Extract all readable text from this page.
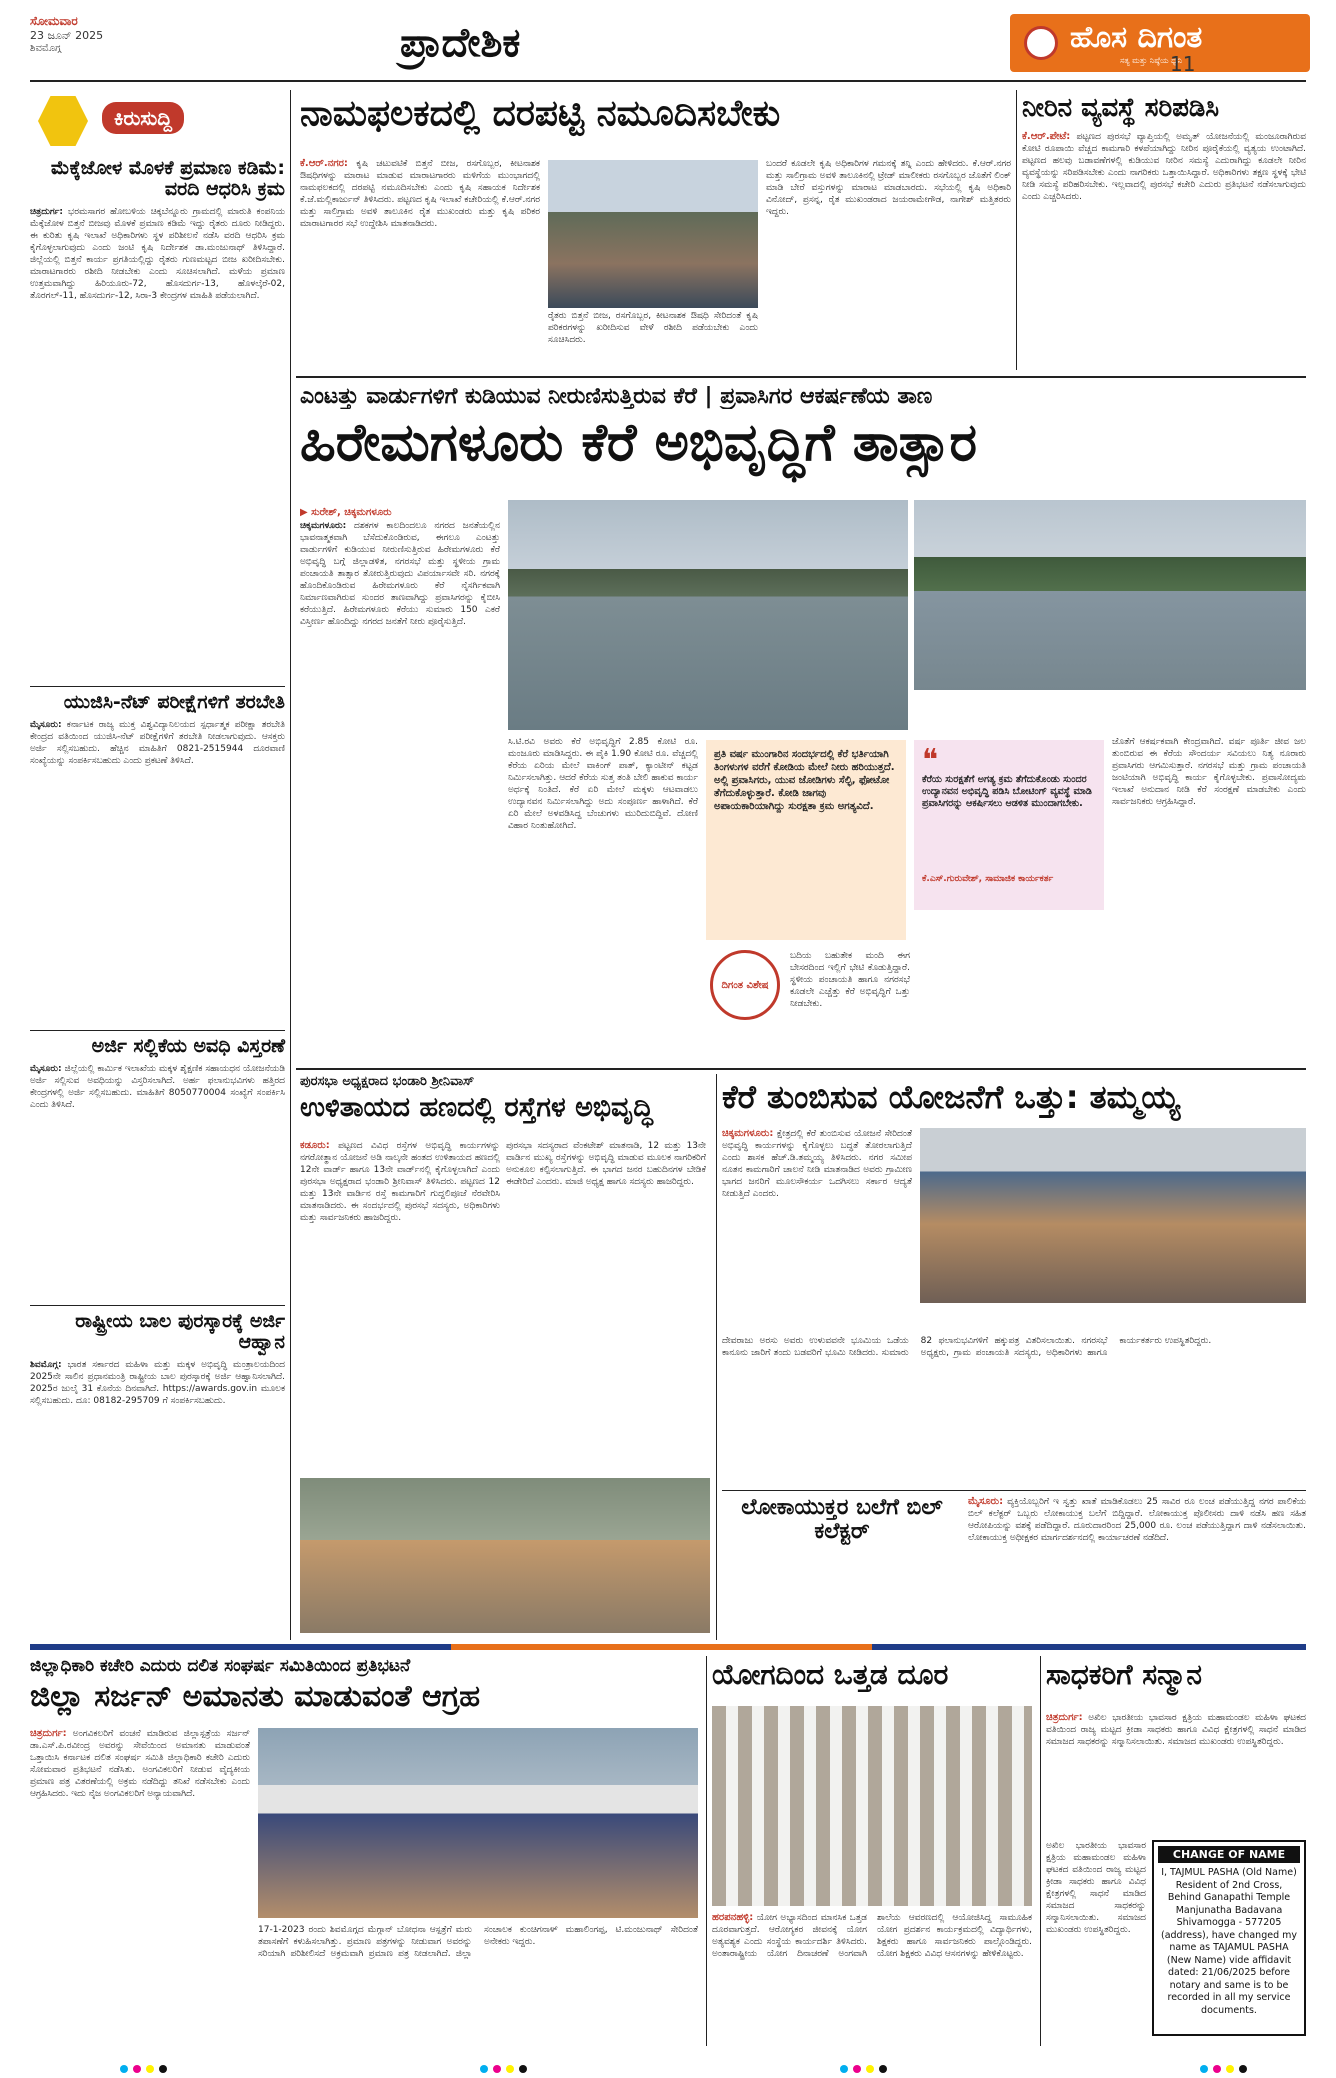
ಸೋಮವಾರ
23 ಜೂನ್ 2025
ಶಿವಮೊಗ್ಗ	ಪ್ರಾದೇಶಿಕ	ಹೊಸ ದಿಗಂತ
ಸತ್ಯ ಮತ್ತು ನಿಷ್ಠೆಯ ಧ್ವನಿ
11
ಕಿರುಸುದ್ದಿ
ಮೆಕ್ಕೆಜೋಳ ಮೊಳಕೆ ಪ್ರಮಾಣ ಕಡಿಮೆ: ವರದಿ ಆಧರಿಸಿ ಕ್ರಮ
ಚಿತ್ರದುರ್ಗ: ಭರಮಸಾಗರ ಹೋಬಳಿಯ ಚಿಕ್ಕಬೆನ್ನೂರು ಗ್ರಾಮದಲ್ಲಿ ಮಾರುತಿ ಕಂಪನಿಯ ಮೆಕ್ಕೆಜೋಳ ಬಿತ್ತನೆ ಬೀಜವು ಮೊಳಕೆ ಪ್ರಮಾಣ ಕಡಿಮೆ ಇದ್ದು ರೈತರು ದೂರು ನೀಡಿದ್ದರು. ಈ ಕುರಿತು ಕೃಷಿ ಇಲಾಖೆ ಅಧಿಕಾರಿಗಳು ಸ್ಥಳ ಪರಿಶೀಲನೆ ನಡೆಸಿ ವರದಿ ಆಧರಿಸಿ ಕ್ರಮ ಕೈಗೊಳ್ಳಲಾಗುವುದು ಎಂದು ಜಂಟಿ ಕೃಷಿ ನಿರ್ದೇಶಕ ಡಾ.ಮಂಜುನಾಥ್ ತಿಳಿಸಿದ್ದಾರೆ. ಜಿಲ್ಲೆಯಲ್ಲಿ ಬಿತ್ತನೆ ಕಾರ್ಯ ಪ್ರಗತಿಯಲ್ಲಿದ್ದು ರೈತರು ಗುಣಮಟ್ಟದ ಬೀಜ ಖರೀದಿಸಬೇಕು. ಮಾರಾಟಗಾರರು ರಶೀದಿ ನೀಡಬೇಕು ಎಂದು ಸೂಚಿಸಲಾಗಿದೆ. ಮಳೆಯ ಪ್ರಮಾಣ ಉತ್ತಮವಾಗಿದ್ದು ಹಿರಿಯೂರು-72, ಹೊಸದುರ್ಗ-13, ಹೊಳಲ್ಕೆರೆ-02, ತೊರಗಲ್-11, ಹೊಸದುರ್ಗ-12, ಸಿರಾ-3 ಕೇಂದ್ರಗಳ ಮಾಹಿತಿ ಪಡೆಯಲಾಗಿದೆ.
ಯುಜಿಸಿ-ನೆಟ್ ಪರೀಕ್ಷೆಗಳಿಗೆ ತರಬೇತಿ
ಮೈಸೂರು: ಕರ್ನಾಟಕ ರಾಜ್ಯ ಮುಕ್ತ ವಿಶ್ವವಿದ್ಯಾನಿಲಯದ ಸ್ಪರ್ಧಾತ್ಮಕ ಪರೀಕ್ಷಾ ತರಬೇತಿ ಕೇಂದ್ರದ ವತಿಯಿಂದ ಯುಜಿಸಿ-ನೆಟ್ ಪರೀಕ್ಷೆಗಳಿಗೆ ತರಬೇತಿ ನೀಡಲಾಗುವುದು. ಆಸಕ್ತರು ಅರ್ಜಿ ಸಲ್ಲಿಸಬಹುದು. ಹೆಚ್ಚಿನ ಮಾಹಿತಿಗೆ 0821-2515944 ದೂರವಾಣಿ ಸಂಖ್ಯೆಯನ್ನು ಸಂಪರ್ಕಿಸಬಹುದು ಎಂದು ಪ್ರಕಟಣೆ ತಿಳಿಸಿದೆ.
ಅರ್ಜಿ ಸಲ್ಲಿಕೆಯ ಅವಧಿ ವಿಸ್ತರಣೆ
ಮೈಸೂರು: ಜಿಲ್ಲೆಯಲ್ಲಿ ಕಾರ್ಮಿಕ ಇಲಾಖೆಯ ಮಕ್ಕಳ ಶೈಕ್ಷಣಿಕ ಸಹಾಯಧನ ಯೋಜನೆಯಡಿ ಅರ್ಜಿ ಸಲ್ಲಿಸುವ ಅವಧಿಯನ್ನು ವಿಸ್ತರಿಸಲಾಗಿದೆ. ಅರ್ಹ ಫಲಾನುಭವಿಗಳು ಹತ್ತಿರದ ಕೇಂದ್ರಗಳಲ್ಲಿ ಅರ್ಜಿ ಸಲ್ಲಿಸಬಹುದು. ಮಾಹಿತಿಗೆ 8050770004 ಸಂಖ್ಯೆಗೆ ಸಂಪರ್ಕಿಸಿ ಎಂದು ತಿಳಿಸಿದೆ.
ರಾಷ್ಟ್ರೀಯ ಬಾಲ ಪುರಸ್ಕಾರಕ್ಕೆ ಅರ್ಜಿ ಆಹ್ವಾನ
ಶಿವಮೊಗ್ಗ: ಭಾರತ ಸರ್ಕಾರದ ಮಹಿಳಾ ಮತ್ತು ಮಕ್ಕಳ ಅಭಿವೃದ್ಧಿ ಮಂತ್ರಾಲಯದಿಂದ 2025ನೇ ಸಾಲಿನ ಪ್ರಧಾನಮಂತ್ರಿ ರಾಷ್ಟ್ರೀಯ ಬಾಲ ಪುರಸ್ಕಾರಕ್ಕೆ ಅರ್ಜಿ ಆಹ್ವಾನಿಸಲಾಗಿದೆ. 2025ರ ಜುಲೈ 31 ಕೊನೆಯ ದಿನವಾಗಿದೆ. https://awards.gov.in ಮೂಲಕ ಸಲ್ಲಿಸಬಹುದು. ದೂ: 08182-295709 ಗೆ ಸಂಪರ್ಕಿಸಬಹುದು.
ನಾಮಫಲಕದಲ್ಲಿ ದರಪಟ್ಟಿ ನಮೂದಿಸಬೇಕು
ಕೆ.ಆರ್.ನಗರ: ಕೃಷಿ ಚಟುವಟಿಕೆ ಬಿತ್ತನೆ ಬೀಜ, ರಸಗೊಬ್ಬರ, ಕೀಟನಾಶಕ ಔಷಧಿಗಳನ್ನು ಮಾರಾಟ ಮಾಡುವ ಮಾರಾಟಗಾರರು ಮಳಿಗೆಯ ಮುಂಭಾಗದಲ್ಲಿ ನಾಮಫಲಕದಲ್ಲಿ ದರಪಟ್ಟಿ ನಮೂದಿಸಬೇಕು ಎಂದು ಕೃಷಿ ಸಹಾಯಕ ನಿರ್ದೇಶಕ ಕೆ.ಜೆ.ಮಲ್ಲಿಕಾರ್ಜುನ್ ತಿಳಿಸಿದರು. ಪಟ್ಟಣದ ಕೃಷಿ ಇಲಾಖೆ ಕಚೇರಿಯಲ್ಲಿ ಕೆ.ಆರ್.ನಗರ ಮತ್ತು ಸಾಲಿಗ್ರಾಮ ಅವಳಿ ತಾಲೂಕಿನ ರೈತ ಮುಖಂಡರು ಮತ್ತು ಕೃಷಿ ಪರಿಕರ ಮಾರಾಟಗಾರರ ಸಭೆ ಉದ್ದೇಶಿಸಿ ಮಾತನಾಡಿದರು.
ರೈತರು ಬಿತ್ತನೆ ಬೀಜ, ರಸಗೊಬ್ಬರ, ಕೀಟನಾಶಕ ಔಷಧಿ ಸೇರಿದಂತೆ ಕೃಷಿ ಪರಿಕರಗಳನ್ನು ಖರೀದಿಸುವ ವೇಳೆ ರಶೀದಿ ಪಡೆಯಬೇಕು ಎಂದು ಸೂಚಿಸಿದರು.
ಬಂದರೆ ಕೂಡಲೇ ಕೃಷಿ ಅಧಿಕಾರಿಗಳ ಗಮನಕ್ಕೆ ತನ್ನಿ ಎಂದು ಹೇಳಿದರು. ಕೆ.ಆರ್.ನಗರ ಮತ್ತು ಸಾಲಿಗ್ರಾಮ ಅವಳಿ ತಾಲೂಕಿನಲ್ಲಿ ಟ್ರೇಡ್ ಮಾಲೀಕರು ರಸಗೊಬ್ಬರ ಜೊತೆಗೆ ಲಿಂಕ್ ಮಾಡಿ ಬೇರೆ ವಸ್ತುಗಳನ್ನು ಮಾರಾಟ ಮಾಡಬಾರದು. ಸಭೆಯಲ್ಲಿ ಕೃಷಿ ಅಧಿಕಾರಿ ವಿನೋದ್, ಪ್ರಸನ್ನ, ರೈತ ಮುಖಂಡರಾದ ಜಯರಾಮೇಗೌಡ, ನಾಗೇಶ್ ಮತ್ತಿತರರು ಇದ್ದರು.
ನೀರಿನ ವ್ಯವಸ್ಥೆ ಸರಿಪಡಿಸಿ
ಕೆ.ಆರ್.ಪೇಟೆ: ಪಟ್ಟಣದ ಪುರಸಭೆ ವ್ಯಾಪ್ತಿಯಲ್ಲಿ ಅಮೃತ್ ಯೋಜನೆಯಲ್ಲಿ ಮಂಜೂರಾಗಿರುವ ಕೋಟಿ ರೂಪಾಯಿ ವೆಚ್ಚದ ಕಾಮಗಾರಿ ಕಳಪೆಯಾಗಿದ್ದು ನೀರಿನ ಪೂರೈಕೆಯಲ್ಲಿ ವ್ಯತ್ಯಯ ಉಂಟಾಗಿದೆ. ಪಟ್ಟಣದ ಹಲವು ಬಡಾವಣೆಗಳಲ್ಲಿ ಕುಡಿಯುವ ನೀರಿನ ಸಮಸ್ಯೆ ಎದುರಾಗಿದ್ದು ಕೂಡಲೇ ನೀರಿನ ವ್ಯವಸ್ಥೆಯನ್ನು ಸರಿಪಡಿಸಬೇಕು ಎಂದು ನಾಗರಿಕರು ಒತ್ತಾಯಿಸಿದ್ದಾರೆ. ಅಧಿಕಾರಿಗಳು ತಕ್ಷಣ ಸ್ಥಳಕ್ಕೆ ಭೇಟಿ ನೀಡಿ ಸಮಸ್ಯೆ ಪರಿಹರಿಸಬೇಕು. ಇಲ್ಲವಾದಲ್ಲಿ ಪುರಸಭೆ ಕಚೇರಿ ಎದುರು ಪ್ರತಿಭಟನೆ ನಡೆಸಲಾಗುವುದು ಎಂದು ಎಚ್ಚರಿಸಿದರು.
ಎಂಟತ್ತು ವಾರ್ಡುಗಳಿಗೆ ಕುಡಿಯುವ ನೀರುಣಿಸುತ್ತಿರುವ ಕೆರೆ | ಪ್ರವಾಸಿಗರ ಆಕರ್ಷಣೆಯ ತಾಣ
ಹಿರೇಮಗಳೂರು ಕೆರೆ ಅಭಿವೃದ್ಧಿಗೆ ತಾತ್ಸಾರ
▶ ಸುರೇಶ್, ಚಿಕ್ಕಮಗಳೂರು
ಚಿಕ್ಕಮಗಳೂರು: ದಶಕಗಳ ಕಾಲದಿಂದಲೂ ನಗರದ ಜನತೆಯಲ್ಲಿನ ಭಾವನಾತ್ಮಕವಾಗಿ ಬೆಸೆದುಕೊಂಡಿರುವ, ಈಗಲೂ ಎಂಟತ್ತು ವಾರ್ಡುಗಳಿಗೆ ಕುಡಿಯುವ ನೀರುಣಿಸುತ್ತಿರುವ ಹಿರೇಮಗಳೂರು ಕೆರೆ ಅಭಿವೃದ್ಧಿ ಬಗ್ಗೆ ಜಿಲ್ಲಾಡಳಿತ, ನಗರಸಭೆ ಮತ್ತು ಸ್ಥಳೀಯ ಗ್ರಾಮ ಪಂಚಾಯತಿ ತಾತ್ಸಾರ ತೋರುತ್ತಿರುವುದು ವಿಪರ್ಯಾಸವೇ ಸರಿ. ನಗರಕ್ಕೆ ಹೊಂದಿಕೊಂಡಿರುವ ಹಿರೇಮಗಳೂರು ಕೆರೆ ನೈಸರ್ಗಿಕವಾಗಿ ನಿರ್ಮಾಣವಾಗಿರುವ ಸುಂದರ ತಾಣವಾಗಿದ್ದು ಪ್ರವಾಸಿಗರನ್ನು ಕೈಬೀಸಿ ಕರೆಯುತ್ತಿದೆ. ಹಿರೇಮಗಳೂರು ಕೆರೆಯು ಸುಮಾರು 150 ಎಕರೆ ವಿಸ್ತೀರ್ಣ ಹೊಂದಿದ್ದು ನಗರದ ಜನತೆಗೆ ನೀರು ಪೂರೈಸುತ್ತಿದೆ.
ಸಿ.ಟಿ.ರವಿ ಅವರು ಕೆರೆ ಅಭಿವೃದ್ಧಿಗೆ 2.85 ಕೋಟಿ ರೂ. ಮಂಜೂರು ಮಾಡಿಸಿದ್ದರು. ಈ ಪೈಕಿ 1.90 ಕೋಟಿ ರೂ. ವೆಚ್ಚದಲ್ಲಿ ಕೆರೆಯ ಏರಿಯ ಮೇಲೆ ವಾಕಿಂಗ್ ಪಾತ್, ಕ್ಯಾಂಟೀನ್ ಕಟ್ಟಡ ನಿರ್ಮಿಸಲಾಗಿತ್ತು. ಆದರೆ ಕೆರೆಯ ಸುತ್ತ ತಂತಿ ಬೇಲಿ ಹಾಕುವ ಕಾರ್ಯ ಅರ್ಧಕ್ಕೆ ನಿಂತಿದೆ. ಕೆರೆ ಏರಿ ಮೇಲೆ ಮಕ್ಕಳು ಆಟವಾಡಲು ಉದ್ಯಾನವನ ನಿರ್ಮಿಸಲಾಗಿದ್ದು ಅದು ಸಂಪೂರ್ಣ ಹಾಳಾಗಿದೆ. ಕೆರೆ ಏರಿ ಮೇಲೆ ಅಳವಡಿಸಿದ್ದ ಬೆಂಚುಗಳು ಮುರಿದುಬಿದ್ದಿವೆ. ದೋಣಿ ವಿಹಾರ ನಿಂತುಹೋಗಿದೆ.
ಪ್ರತಿ ವರ್ಷ ಮುಂಗಾರಿನ ಸಂದರ್ಭದಲ್ಲಿ ಕೆರೆ ಭರ್ತಿಯಾಗಿ ತಿಂಗಳುಗಳ ವರೆಗೆ ಕೋಡಿಯ ಮೇಲೆ ನೀರು ಹರಿಯುತ್ತದೆ. ಅಲ್ಲಿ ಪ್ರವಾಸಿಗರು, ಯುವ ಜೋಡಿಗಳು ಸೆಲ್ಫಿ, ಫೋಟೋ ತೆಗೆದುಕೊಳ್ಳುತ್ತಾರೆ. ಕೋಡಿ ಜಾಗವು ಅಪಾಯಕಾರಿಯಾಗಿದ್ದು ಸುರಕ್ಷತಾ ಕ್ರಮ ಅಗತ್ಯವಿದೆ.
❝
ಕೆರೆಯ ಸುರಕ್ಷತೆಗೆ ಅಗತ್ಯ ಕ್ರಮ ತೆಗೆದುಕೊಂಡು ಸುಂದರ ಉದ್ಯಾನವನ ಅಭಿವೃದ್ಧಿ ಪಡಿಸಿ ಬೋಟಿಂಗ್ ವ್ಯವಸ್ಥೆ ಮಾಡಿ ಪ್ರವಾಸಿಗರನ್ನು ಆಕರ್ಷಿಸಲು ಆಡಳಿತ ಮುಂದಾಗಬೇಕು.
ಕೆ.ಎಸ್.ಗುರುವೇಶ್, ಸಾಮಾಜಿಕ ಕಾರ್ಯಕರ್ತ
ದಿಗಂತ ವಿಶೇಷ
ಬದಿಯ ಬಹುತೇಕ ಮಂದಿ ಈಗ ಬೇಸರದಿಂದ ಇಲ್ಲಿಗೆ ಭೇಟಿ ಕೊಡುತ್ತಿದ್ದಾರೆ. ಸ್ಥಳೀಯ ಪಂಚಾಯತಿ ಹಾಗೂ ನಗರಸಭೆ ಕೂಡಲೇ ಎಚ್ಚೆತ್ತು ಕೆರೆ ಅಭಿವೃದ್ಧಿಗೆ ಒತ್ತು ನೀಡಬೇಕು.
ಜೊತೆಗೆ ಆಕರ್ಷಕವಾಗಿ ಕೇಂದ್ರವಾಗಿದೆ. ವರ್ಷ ಪೂರ್ತಿ ಜೀವ ಜಲ ತುಂಬಿರುವ ಈ ಕೆರೆಯ ಸೌಂದರ್ಯ ಸವಿಯಲು ನಿತ್ಯ ನೂರಾರು ಪ್ರವಾಸಿಗರು ಆಗಮಿಸುತ್ತಾರೆ. ನಗರಸಭೆ ಮತ್ತು ಗ್ರಾಮ ಪಂಚಾಯತಿ ಜಂಟಿಯಾಗಿ ಅಭಿವೃದ್ಧಿ ಕಾರ್ಯ ಕೈಗೊಳ್ಳಬೇಕು. ಪ್ರವಾಸೋದ್ಯಮ ಇಲಾಖೆ ಅನುದಾನ ನೀಡಿ ಕೆರೆ ಸಂರಕ್ಷಣೆ ಮಾಡಬೇಕು ಎಂದು ಸಾರ್ವಜನಿಕರು ಆಗ್ರಹಿಸಿದ್ದಾರೆ.
ಪುರಸಭಾ ಅಧ್ಯಕ್ಷರಾದ ಭಂಡಾರಿ ಶ್ರೀನಿವಾಸ್
ಉಳಿತಾಯದ ಹಣದಲ್ಲಿ ರಸ್ತೆಗಳ ಅಭಿವೃದ್ಧಿ
ಕಡೂರು: ಪಟ್ಟಣದ ವಿವಿಧ ರಸ್ತೆಗಳ ಅಭಿವೃದ್ಧಿ ಕಾರ್ಯಗಳನ್ನು ನಗರೋತ್ಥಾನ ಯೋಜನೆ ಅಡಿ ನಾಲ್ಕನೇ ಹಂತದ ಉಳಿತಾಯದ ಹಣದಲ್ಲಿ 12ನೇ ವಾರ್ಡ್ ಹಾಗೂ 13ನೇ ವಾರ್ಡ್‌ನಲ್ಲಿ ಕೈಗೊಳ್ಳಲಾಗಿದೆ ಎಂದು ಪುರಸಭಾ ಅಧ್ಯಕ್ಷರಾದ ಭಂಡಾರಿ ಶ್ರೀನಿವಾಸ್ ತಿಳಿಸಿದರು. ಪಟ್ಟಣದ 12 ಮತ್ತು 13ನೇ ವಾರ್ಡಿನ ರಸ್ತೆ ಕಾಮಗಾರಿಗೆ ಗುದ್ದಲಿಪೂಜೆ ನೆರವೇರಿಸಿ ಮಾತನಾಡಿದರು. ಈ ಸಂದರ್ಭದಲ್ಲಿ ಪುರಸಭೆ ಸದಸ್ಯರು, ಅಧಿಕಾರಿಗಳು ಮತ್ತು ಸಾರ್ವಜನಿಕರು ಹಾಜರಿದ್ದರು.
ಪುರಸಭಾ ಸದಸ್ಯರಾದ ವೆಂಕಟೇಶ್ ಮಾತನಾಡಿ, 12 ಮತ್ತು 13ನೇ ವಾರ್ಡಿನ ಮುಖ್ಯ ರಸ್ತೆಗಳನ್ನು ಅಭಿವೃದ್ಧಿ ಮಾಡುವ ಮೂಲಕ ನಾಗರಿಕರಿಗೆ ಅನುಕೂಲ ಕಲ್ಪಿಸಲಾಗುತ್ತಿದೆ. ಈ ಭಾಗದ ಜನರ ಬಹುದಿನಗಳ ಬೇಡಿಕೆ ಈಡೇರಿದೆ ಎಂದರು. ಮಾಜಿ ಅಧ್ಯಕ್ಷ ಹಾಗೂ ಸದಸ್ಯರು ಹಾಜರಿದ್ದರು.
ಕೆರೆ ತುಂಬಿಸುವ ಯೋಜನೆಗೆ ಒತ್ತು: ತಮ್ಮಯ್ಯ
ಚಿಕ್ಕಮಗಳೂರು: ಕ್ಷೇತ್ರದಲ್ಲಿ ಕೆರೆ ತುಂಬಿಸುವ ಯೋಜನೆ ಸೇರಿದಂತೆ ಅಭಿವೃದ್ಧಿ ಕಾರ್ಯಗಳನ್ನು ಕೈಗೊಳ್ಳಲು ಬದ್ಧತೆ ತೋರಲಾಗುತ್ತಿದೆ ಎಂದು ಶಾಸಕ ಹೆಚ್.ಡಿ.ತಮ್ಮಯ್ಯ ತಿಳಿಸಿದರು. ನಗರ ಸಮೀಪ ನೂತನ ಕಾಮಗಾರಿಗೆ ಚಾಲನೆ ನೀಡಿ ಮಾತನಾಡಿದ ಅವರು ಗ್ರಾಮೀಣ ಭಾಗದ ಜನರಿಗೆ ಮೂಲಸೌಕರ್ಯ ಒದಗಿಸಲು ಸರ್ಕಾರ ಆದ್ಯತೆ ನೀಡುತ್ತಿದೆ ಎಂದರು.
ದೇವರಾಜು ಅರಸು ಅವರು ಉಳುವವನೇ ಭೂಮಿಯ ಒಡೆಯ ಕಾನೂನು ಜಾರಿಗೆ ತಂದು ಬಡವರಿಗೆ ಭೂಮಿ ನೀಡಿದರು. ಸುಮಾರು 82 ಫಲಾನುಭವಿಗಳಿಗೆ ಹಕ್ಕುಪತ್ರ ವಿತರಿಸಲಾಯಿತು. ನಗರಸಭೆ ಅಧ್ಯಕ್ಷರು, ಗ್ರಾಮ ಪಂಚಾಯತಿ ಸದಸ್ಯರು, ಅಧಿಕಾರಿಗಳು ಹಾಗೂ ಕಾರ್ಯಕರ್ತರು ಉಪಸ್ಥಿತರಿದ್ದರು.
ಲೋಕಾಯುಕ್ತರ ಬಲೆಗೆ ಬಿಲ್ ಕಲೆಕ್ಟರ್
ಮೈಸೂರು: ವ್ಯಕ್ತಿಯೊಬ್ಬರಿಗೆ ಇ ಸ್ವತ್ತು ಖಾತೆ ಮಾಡಿಕೊಡಲು 25 ಸಾವಿರ ರೂ ಲಂಚ ಪಡೆಯುತ್ತಿದ್ದ ನಗರ ಪಾಲಿಕೆಯ ಬಿಲ್ ಕಲೆಕ್ಟರ್ ಒಬ್ಬರು ಲೋಕಾಯುಕ್ತ ಬಲೆಗೆ ಬಿದ್ದಿದ್ದಾರೆ. ಲೋಕಾಯುಕ್ತ ಪೊಲೀಸರು ದಾಳಿ ನಡೆಸಿ ಹಣ ಸಹಿತ ಆರೋಪಿಯನ್ನು ವಶಕ್ಕೆ ಪಡೆದಿದ್ದಾರೆ. ದೂರುದಾರರಿಂದ 25,000 ರೂ. ಲಂಚ ಪಡೆಯುತ್ತಿದ್ದಾಗ ದಾಳಿ ನಡೆಸಲಾಯಿತು. ಲೋಕಾಯುಕ್ತ ಅಧೀಕ್ಷಕರ ಮಾರ್ಗದರ್ಶನದಲ್ಲಿ ಕಾರ್ಯಾಚರಣೆ ನಡೆದಿದೆ.
ಜಿಲ್ಲಾಧಿಕಾರಿ ಕಚೇರಿ ಎದುರು ದಲಿತ ಸಂಘರ್ಷ ಸಮಿತಿಯಿಂದ ಪ್ರತಿಭಟನೆ
ಜಿಲ್ಲಾ ಸರ್ಜನ್ ಅಮಾನತು ಮಾಡುವಂತೆ ಆಗ್ರಹ
ಚಿತ್ರದುರ್ಗ: ಅಂಗವಿಕಲರಿಗೆ ವಂಚನೆ ಮಾಡಿರುವ ಜಿಲ್ಲಾಸ್ಪತ್ರೆಯ ಸರ್ಜನ್ ಡಾ.ಎಸ್.ಪಿ.ರವೀಂದ್ರ ಅವರನ್ನು ಸೇವೆಯಿಂದ ಅಮಾನತು ಮಾಡುವಂತೆ ಒತ್ತಾಯಿಸಿ ಕರ್ನಾಟಕ ದಲಿತ ಸಂಘರ್ಷ ಸಮಿತಿ ಜಿಲ್ಲಾಧಿಕಾರಿ ಕಚೇರಿ ಎದುರು ಸೋಮವಾರ ಪ್ರತಿಭಟನೆ ನಡೆಸಿತು. ಅಂಗವಿಕಲರಿಗೆ ನೀಡುವ ವೈದ್ಯಕೀಯ ಪ್ರಮಾಣ ಪತ್ರ ವಿತರಣೆಯಲ್ಲಿ ಅಕ್ರಮ ನಡೆದಿದ್ದು ತನಿಖೆ ನಡೆಸಬೇಕು ಎಂದು ಆಗ್ರಹಿಸಿದರು. ಇದು ನೈಜ ಅಂಗವಿಕಲರಿಗೆ ಅನ್ಯಾಯವಾಗಿದೆ.
17-1-2023 ರಂದು ಶಿವಮೊಗ್ಗದ ಮೆಗ್ಗಾನ್ ಬೋಧನಾ ಆಸ್ಪತ್ರೆಗೆ ಮರು ತಪಾಸಣೆಗೆ ಕಳುಹಿಸಲಾಗಿತ್ತು. ಪ್ರಮಾಣ ಪತ್ರಗಳನ್ನು ನೀಡುವಾಗ ಅವರನ್ನು ಸರಿಯಾಗಿ ಪರಿಶೀಲಿಸದೆ ಅಕ್ರಮವಾಗಿ ಪ್ರಮಾಣ ಪತ್ರ ನೀಡಲಾಗಿದೆ. ಜಿಲ್ಲಾ ಸಂಚಾಲಕ ಕುಂಚಿಗನಾಳ್ ಮಹಾಲಿಂಗಪ್ಪ, ಟಿ.ಮಂಜುನಾಥ್ ಸೇರಿದಂತೆ ಅನೇಕರು ಇದ್ದರು.
ಯೋಗದಿಂದ ಒತ್ತಡ ದೂರ
ಹರಪನಹಳ್ಳಿ: ಯೋಗ ಅಭ್ಯಾಸದಿಂದ ಮಾನಸಿಕ ಒತ್ತಡ ದೂರವಾಗುತ್ತದೆ. ಆರೋಗ್ಯಕರ ಜೀವನಕ್ಕೆ ಯೋಗ ಅತ್ಯವಶ್ಯಕ ಎಂದು ಸಂಸ್ಥೆಯ ಕಾರ್ಯದರ್ಶಿ ತಿಳಿಸಿದರು. ಅಂತಾರಾಷ್ಟ್ರೀಯ ಯೋಗ ದಿನಾಚರಣೆ ಅಂಗವಾಗಿ ಶಾಲೆಯ ಆವರಣದಲ್ಲಿ ಆಯೋಜಿಸಿದ್ದ ಸಾಮೂಹಿಕ ಯೋಗ ಪ್ರದರ್ಶನ ಕಾರ್ಯಕ್ರಮದಲ್ಲಿ ವಿದ್ಯಾರ್ಥಿಗಳು, ಶಿಕ್ಷಕರು ಹಾಗೂ ಸಾರ್ವಜನಿಕರು ಪಾಲ್ಗೊಂಡಿದ್ದರು. ಯೋಗ ಶಿಕ್ಷಕರು ವಿವಿಧ ಆಸನಗಳನ್ನು ಹೇಳಿಕೊಟ್ಟರು.
ಸಾಧಕರಿಗೆ ಸನ್ಮಾನ
ಚಿತ್ರದುರ್ಗ: ಅಖಿಲ ಭಾರತೀಯ ಭಾವಸಾರ ಕ್ಷತ್ರಿಯ ಮಹಾಮಂಡಲ ಮಹಿಳಾ ಘಟಕದ ವತಿಯಿಂದ ರಾಜ್ಯ ಮಟ್ಟದ ಕ್ರೀಡಾ ಸಾಧಕರು ಹಾಗೂ ವಿವಿಧ ಕ್ಷೇತ್ರಗಳಲ್ಲಿ ಸಾಧನೆ ಮಾಡಿದ ಸಮಾಜದ ಸಾಧಕರನ್ನು ಸನ್ಮಾನಿಸಲಾಯಿತು. ಸಮಾಜದ ಮುಖಂಡರು ಉಪಸ್ಥಿತರಿದ್ದರು.
ಅಖಿಲ ಭಾರತೀಯ ಭಾವಸಾರ ಕ್ಷತ್ರಿಯ ಮಹಾಮಂಡಲ ಮಹಿಳಾ ಘಟಕದ ವತಿಯಿಂದ ರಾಜ್ಯ ಮಟ್ಟದ ಕ್ರೀಡಾ ಸಾಧಕರು ಹಾಗೂ ವಿವಿಧ ಕ್ಷೇತ್ರಗಳಲ್ಲಿ ಸಾಧನೆ ಮಾಡಿದ ಸಮಾಜದ ಸಾಧಕರನ್ನು ಸನ್ಮಾನಿಸಲಾಯಿತು. ಸಮಾಜದ ಮುಖಂಡರು ಉಪಸ್ಥಿತರಿದ್ದರು.
CHANGE OF NAME
I, TAJMUL PASHA (Old Name) Resident of 2nd Cross, Behind Ganapathi Temple Manjunatha Badavana Shivamogga - 577205 (address), have changed my name as TAJAMUL PASHA (New Name) vide affidavit dated: 21/06/2025 before notary and same is to be recorded in all my service documents.
